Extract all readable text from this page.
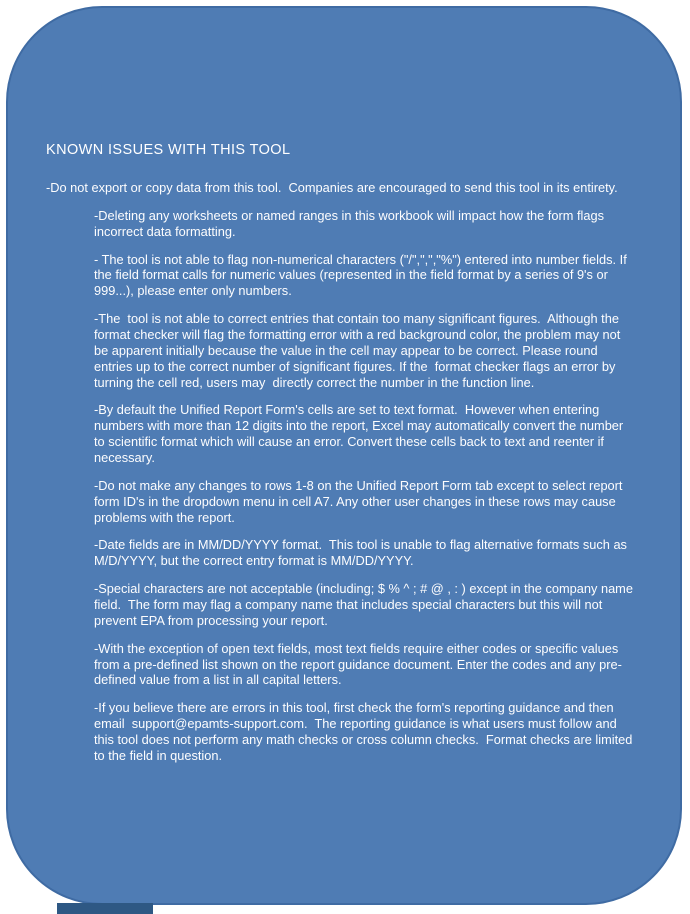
KNOWN ISSUES WITH THIS TOOL
-Do not export or copy data from this tool.  Companies are encouraged to send this tool in its entirety.
-Deleting any worksheets or named ranges in this workbook will impact how the form flags incorrect data formatting.
- The tool is not able to flag non-numerical characters ("/",",","%") entered into number fields. If the field format calls for numeric values (represented in the field format by a series of 9's or 999...), please enter only numbers.
-The  tool is not able to correct entries that contain too many significant figures.  Although the format checker will flag the formatting error with a red background color, the problem may not be apparent initially because the value in the cell may appear to be correct. Please round entries up to the correct number of significant figures. If the  format checker flags an error by turning the cell red, users may  directly correct the number in the function line.
-By default the Unified Report Form's cells are set to text format.  However when entering numbers with more than 12 digits into the report, Excel may automatically convert the number to scientific format which will cause an error. Convert these cells back to text and reenter if necessary.
-Do not make any changes to rows 1-8 on the Unified Report Form tab except to select report form ID's in the dropdown menu in cell A7. Any other user changes in these rows may cause problems with the report.
-Date fields are in MM/DD/YYYY format.  This tool is unable to flag alternative formats such as M/D/YYYY, but the correct entry format is MM/DD/YYYY.
-Special characters are not acceptable (including; $ % ^ ; # @ , : ) except in the company name field.  The form may flag a company name that includes special characters but this will not prevent EPA from processing your report.
-With the exception of open text fields, most text fields require either codes or specific values from a pre-defined list shown on the report guidance document. Enter the codes and any pre-defined value from a list in all capital letters.
-If you believe there are errors in this tool, first check the form's reporting guidance and then email  support@epamts-support.com.  The reporting guidance is what users must follow and this tool does not perform any math checks or cross column checks.  Format checks are limited to the field in question.
